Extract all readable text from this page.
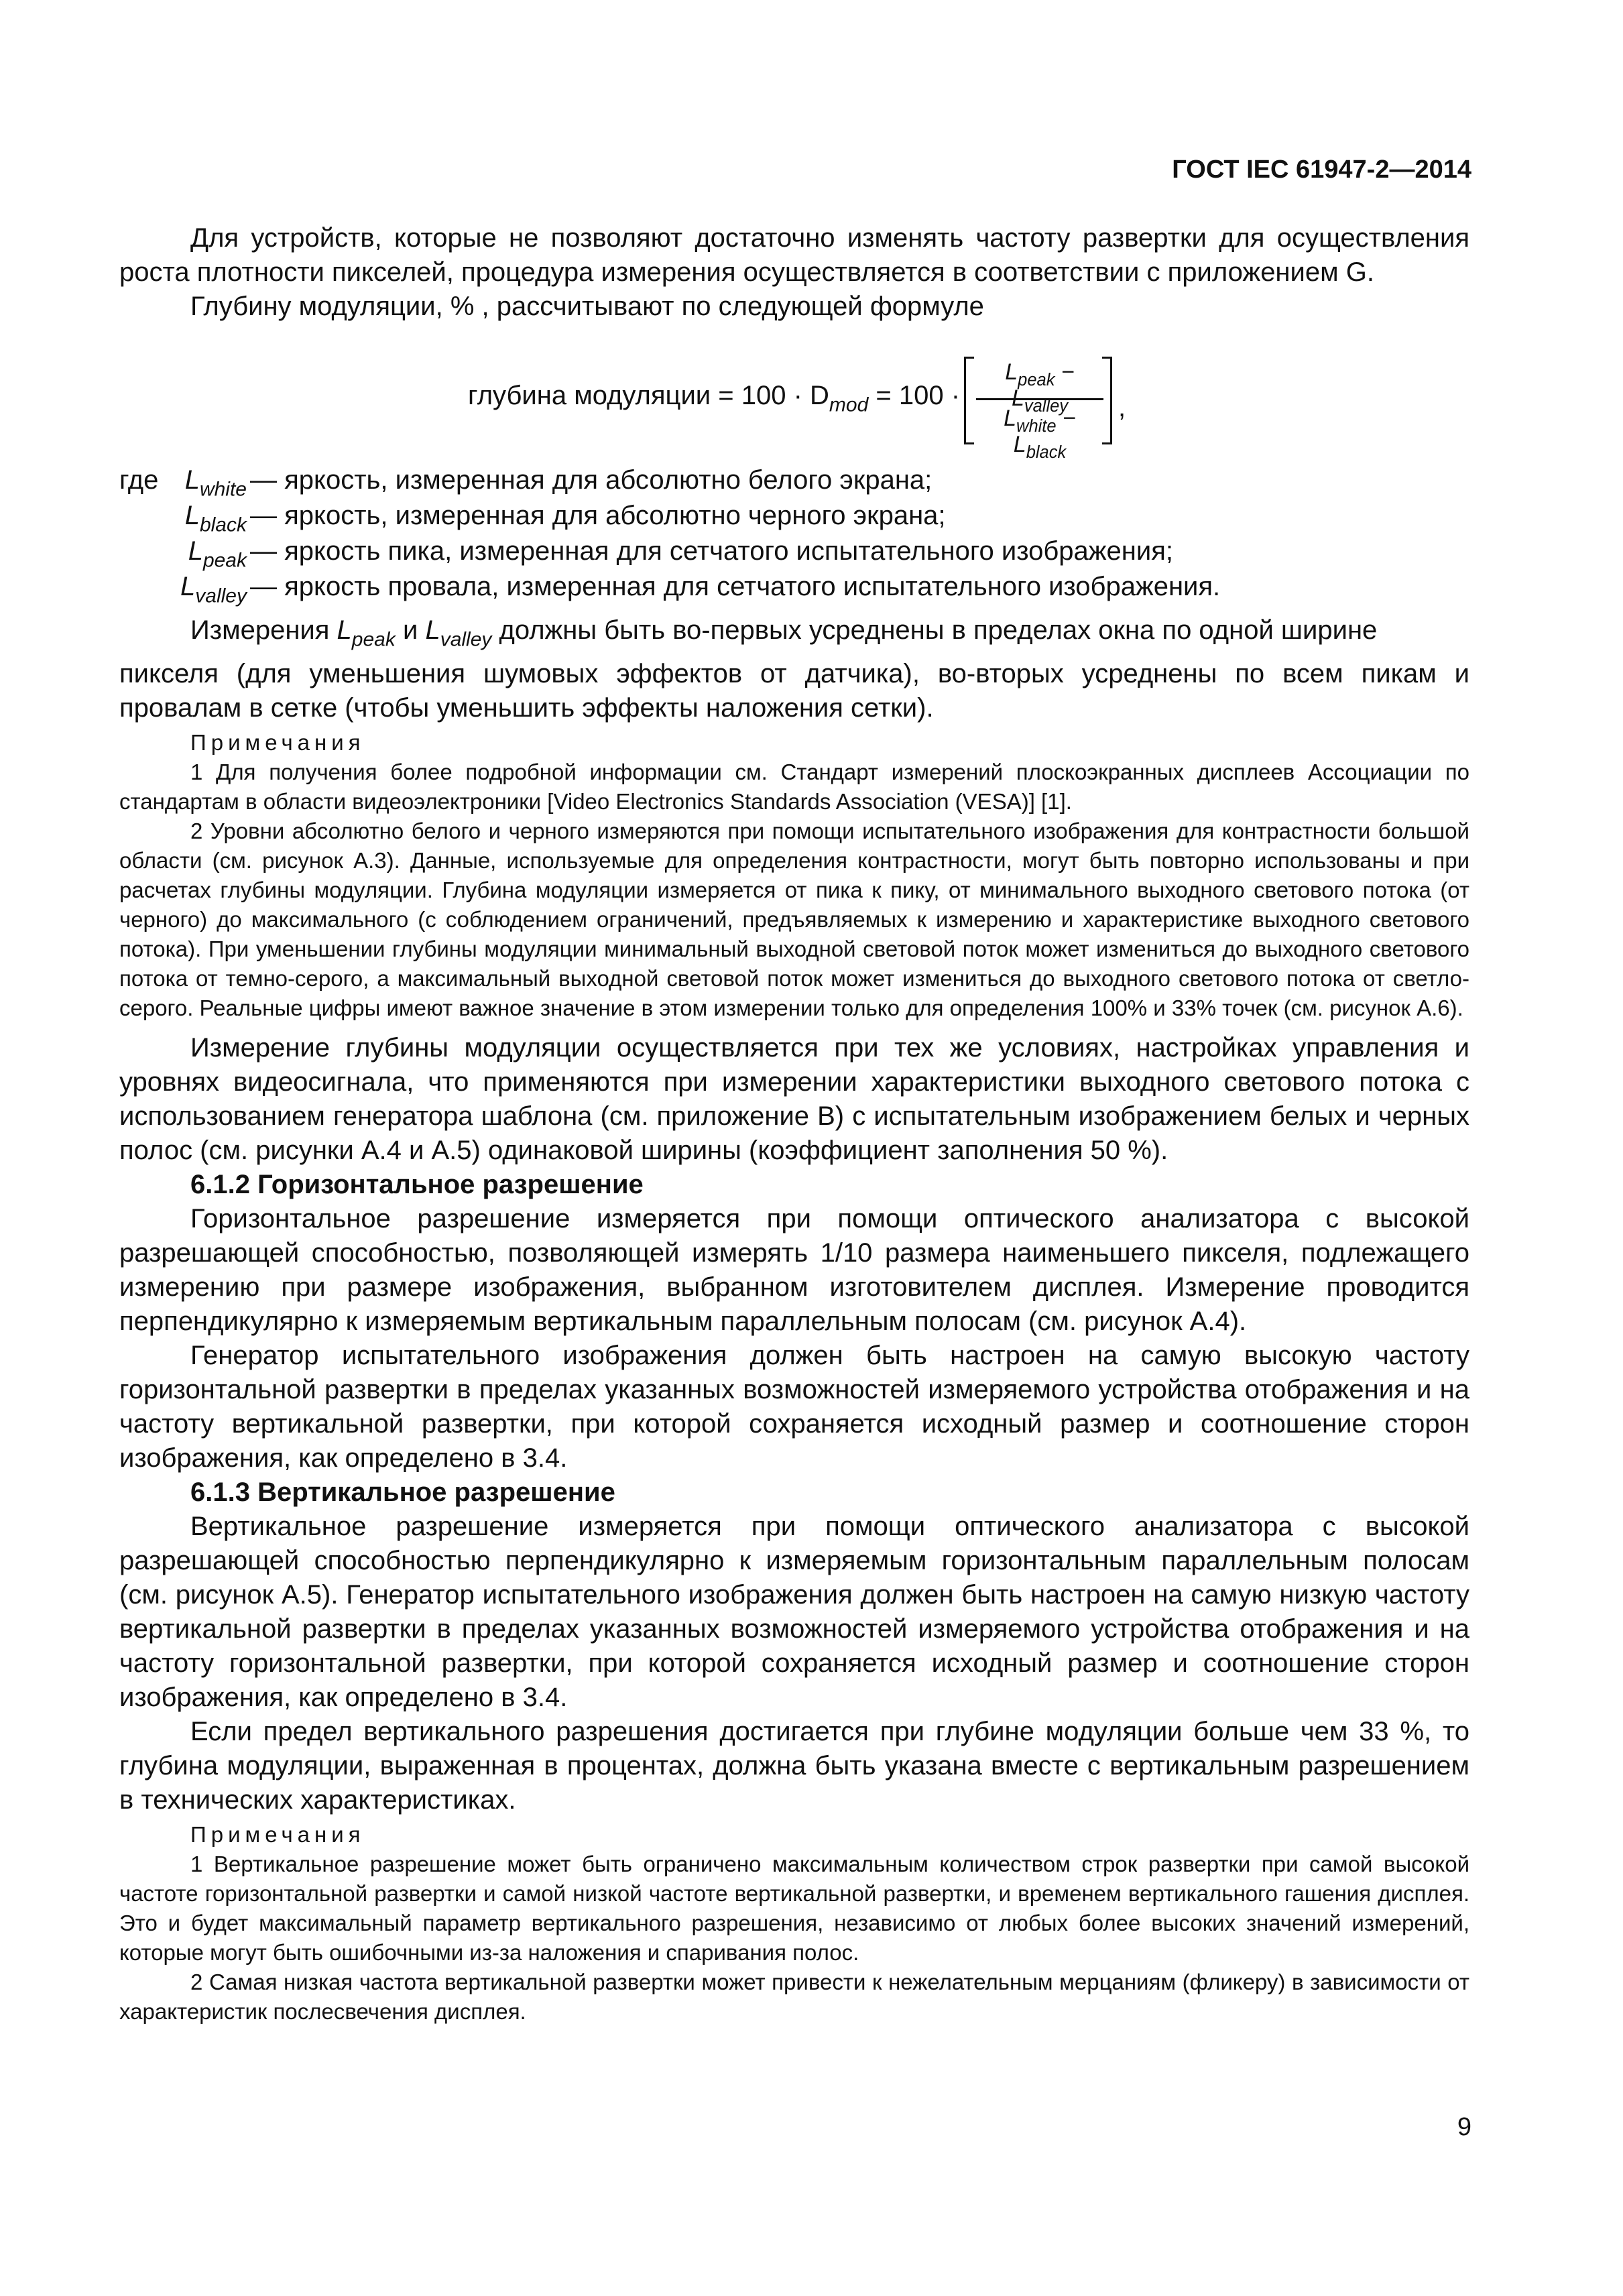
ГОСТ IEC 61947-2—2014

Для устройств, которые не позволяют достаточно изменять частоту развертки для осуществления роста плотности пикселей, процедура измерения осуществляется в соответствии с приложением G.

Глубину модуляции, % , рассчитывают по следующей формуле

глубина модуляции = $100 \cdot D_{mod} = 100$ ·
$L_{peak} - L_{valley}$
$L_{white} - L_{black}$
,
где $L_{white}$ — яркость, измеренная для абсолютно белого экрана;
$L_{black}$ — яркость, измеренная для абсолютно черного экрана;
$L_{peak}$ — яркость пика, измеренная для сетчатого испытательного изображения;
$L_{valley}$ — яркость провала, измеренная для сетчатого испытательного изображения.

Измерения $L_{peak}$ и $L_{valley}$ должны быть во-первых усреднены в пределах окна по одной ширине

пикселя (для уменьшения шумовых эффектов от датчика), во-вторых усреднены по всем пикам и провалам в сетке (чтобы уменьшить эффекты наложения сетки).

Примечания

1 Для получения более подробной информации см. Стандарт измерений плоскоэкранных дисплеев Ассоциации по стандартам в области видеоэлектроники [Video Electronics Standards Association (VESA)] [1].

2 Уровни абсолютно белого и черного измеряются при помощи испытательного изображения для контрастности большой области (см. рисунок А.3). Данные, используемые для определения контрастности, могут быть повторно использованы и при расчетах глубины модуляции. Глубина модуляции измеряется от пика к пику, от минимального выходного светового потока (от черного) до максимального (с соблюдением ограничений, предъявляемых к измерению и характеристике выходного светового потока). При уменьшении глубины модуляции минимальный выходной световой поток может измениться до выходного светового потока от темно-серого, а максимальный выходной световой поток может измениться до выходного светового потока от светло-серого. Реальные цифры имеют важное значение в этом измерении только для определения 100% и 33% точек (см. рисунок А.6).

Измерение глубины модуляции осуществляется при тех же условиях, настройках управления и уровнях видеосигнала, что применяются при измерении характеристики выходного светового потока с использованием генератора шаблона (см. приложение В) с испытательным изображением белых и черных полос (см. рисунки А.4 и А.5) одинаковой ширины (коэффициент заполнения 50 %).

6.1.2 Горизонтальное разрешение

Горизонтальное разрешение измеряется при помощи оптического анализатора с высокой разрешающей способностью, позволяющей измерять 1/10 размера наименьшего пикселя, подлежащего измерению при размере изображения, выбранном изготовителем дисплея. Измерение проводится перпендикулярно к измеряемым вертикальным параллельным полосам (см. рисунок А.4).

Генератор испытательного изображения должен быть настроен на самую высокую частоту горизонтальной развертки в пределах указанных возможностей измеряемого устройства отображения и на частоту вертикальной развертки, при которой сохраняется исходный размер и соотношение сторон изображения, как определено в 3.4.

6.1.3 Вертикальное разрешение

Вертикальное разрешение измеряется при помощи оптического анализатора с высокой разрешающей способностью перпендикулярно к измеряемым горизонтальным параллельным полосам (см. рисунок А.5). Генератор испытательного изображения должен быть настроен на самую низкую частоту вертикальной развертки в пределах указанных возможностей измеряемого устройства отображения и на частоту горизонтальной развертки, при которой сохраняется исходный размер и соотношение сторон изображения, как определено в 3.4.

Если предел вертикального разрешения достигается при глубине модуляции больше чем 33 %, то глубина модуляции, выраженная в процентах, должна быть указана вместе с вертикальным разрешением в технических характеристиках.

Примечания

1 Вертикальное разрешение может быть ограничено максимальным количеством строк развертки при самой высокой частоте горизонтальной развертки и самой низкой частоте вертикальной развертки, и временем вертикального гашения дисплея. Это и будет максимальный параметр вертикального разрешения, независимо от любых более высоких значений измерений, которые могут быть ошибочными из-за наложения и спаривания полос.

2 Самая низкая частота вертикальной развертки может привести к нежелательным мерцаниям (фликеру) в зависимости от характеристик послесвечения дисплея.

9
